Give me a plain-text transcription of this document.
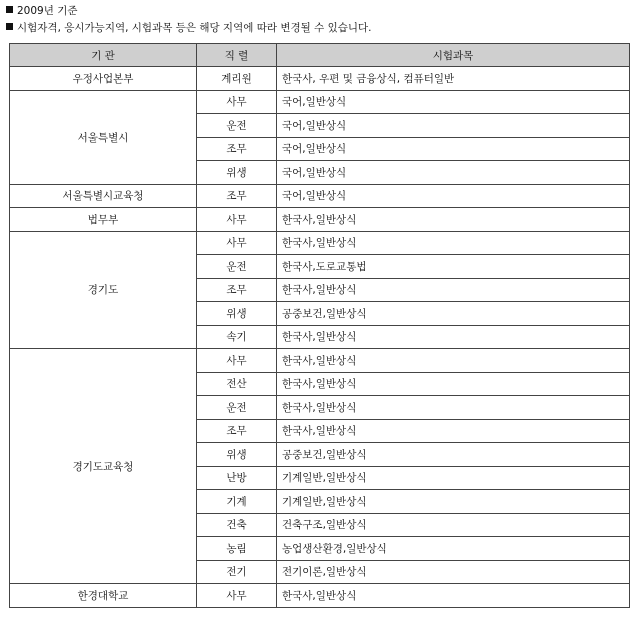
2009년 기준
시험자격, 응시가능지역, 시험과목 등은 해당 지역에 따라 변경될 수 있습니다.
기 관	직 렬	시험과목
우정사업본부	계리원	한국사, 우편 및 금융상식, 컴퓨터일반
서울특별시	사무	국어,일반상식
	운전	국어,일반상식
	조무	국어,일반상식
	위생	국어,일반상식
서울특별시교육청	조무	국어,일반상식
법무부	사무	한국사,일반상식
경기도	사무	한국사,일반상식
	운전	한국사,도로교통법
	조무	한국사,일반상식
	위생	공중보건,일반상식
	속기	한국사,일반상식
경기도교육청	사무	한국사,일반상식
	전산	한국사,일반상식
	운전	한국사,일반상식
	조무	한국사,일반상식
	위생	공중보건,일반상식
	난방	기계일반,일반상식
	기계	기계일반,일반상식
	건축	건축구조,일반상식
	농림	농업생산환경,일반상식
	전기	전기이론,일반상식
한경대학교	사무	한국사,일반상식
